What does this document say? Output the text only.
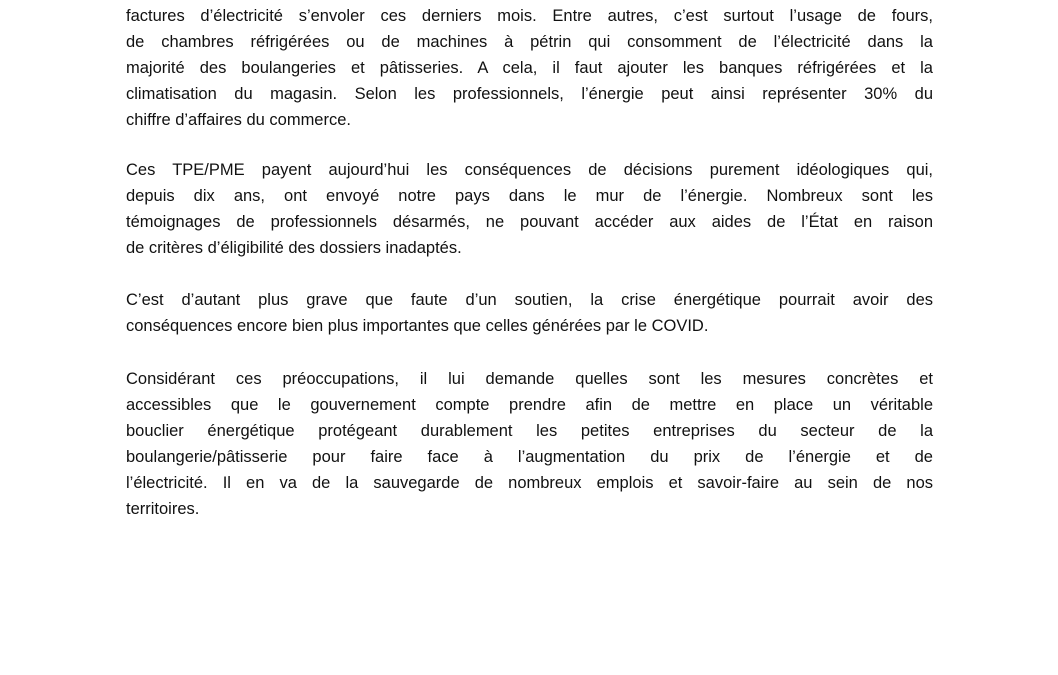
factures d’électricité s’envoler ces derniers mois. Entre autres, c’est surtout l’usage de fours,
de chambres réfrigérées ou de machines à pétrin qui consomment de l’électricité dans la
majorité des boulangeries et pâtisseries. A cela, il faut ajouter les banques réfrigérées et la
climatisation du magasin. Selon les professionnels, l’énergie peut ainsi représenter 30% du
chiffre d’affaires du commerce.
Ces TPE/PME payent aujourd’hui les conséquences de décisions purement idéologiques qui,
depuis dix ans, ont envoyé notre pays dans le mur de l’énergie. Nombreux sont les
témoignages de professionnels désarmés, ne pouvant accéder aux aides de l’État en raison
de critères d’éligibilité des dossiers inadaptés.
C’est d’autant plus grave que faute d’un soutien, la crise énergétique pourrait avoir des
conséquences encore bien plus importantes que celles générées par le COVID.
Considérant ces préoccupations, il lui demande quelles sont les mesures concrètes et
accessibles que le gouvernement compte prendre afin de mettre en place un véritable
bouclier énergétique protégeant durablement les petites entreprises du secteur de la
boulangerie/pâtisserie pour faire face à l’augmentation du prix de l’énergie et de
l’électricité. Il en va de la sauvegarde de nombreux emplois et savoir-faire au sein de nos
territoires.
